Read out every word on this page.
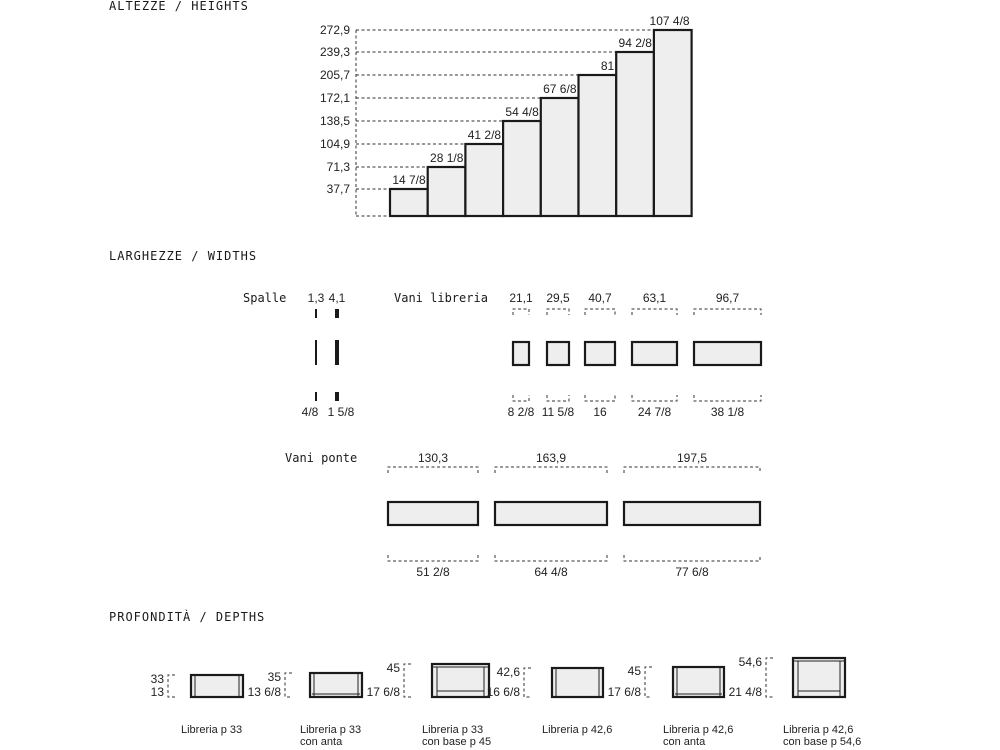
ALTEZZE / HEIGHTS
LARGHEZZE / WIDTHS
PROFONDITÀ / DEPTHS
37,7
14 7/8
71,3
28 1/8
104,9
41 2/8
138,5
54 4/8
172,1
67 6/8
205,7
81
239,3
94 2/8
272,9
107 4/8
Spalle	Vani libreria
Vani ponte
1,3
4/8
4,1
1 5/8
21,1
8 2/8
29,5
11 5/8
40,7
16
63,1
24 7/8
96,7
38 1/8
130,3
51 2/8
163,9
64 4/8
197,5
77 6/8
33
13
Libreria p 33
35
13 6/8
Libreria p 33
con anta
45
17 6/8
Libreria p 33
con base p 45
42,6
16 6/8
Libreria p 42,6
45
17 6/8
Libreria p 42,6
con anta
54,6
21 4/8
Libreria p 42,6
con base p 54,6
